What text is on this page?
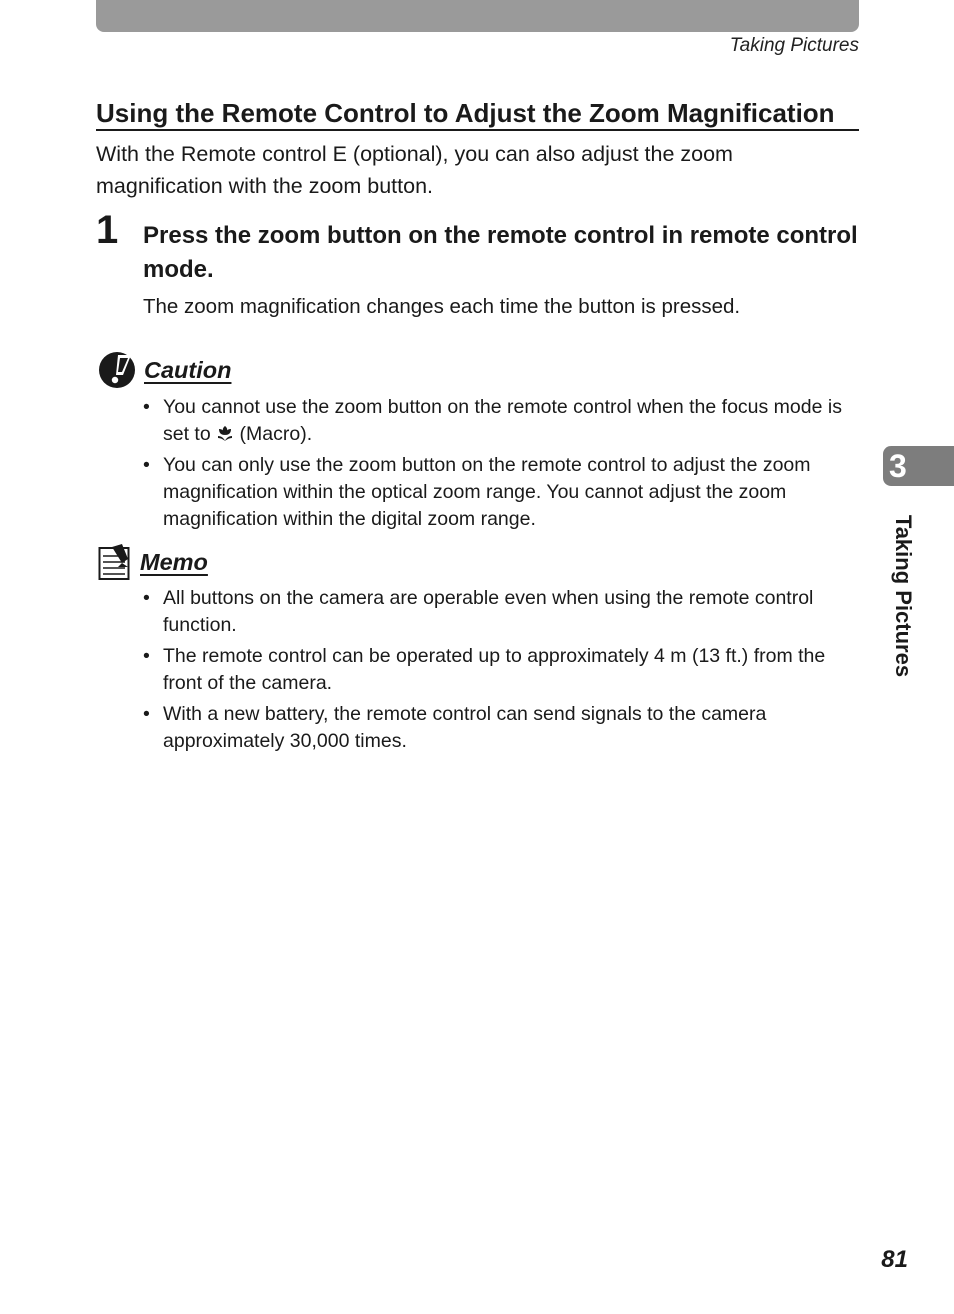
Taking Pictures
Using the Remote Control to Adjust the Zoom Magnification

With the Remote control E (optional), you can also adjust the zoom magnification with the zoom button.

1 Press the zoom button on the remote control in remote control mode.

The zoom magnification changes each time the button is pressed.

Caution
• You cannot use the zoom button on the remote control when the focus mode is set to  (Macro).
• You can only use the zoom button on the remote control to adjust the zoom magnification within the optical zoom range. You cannot adjust the zoom magnification within the digital zoom range.
Memo
• All buttons on the camera are operable even when using the remote control function.
• The remote control can be operated up to approximately 4 m (13 ft.) from the front of the camera.
• With a new battery, the remote control can send signals to the camera approximately 30,000 times.
3
Taking Pictures
81
